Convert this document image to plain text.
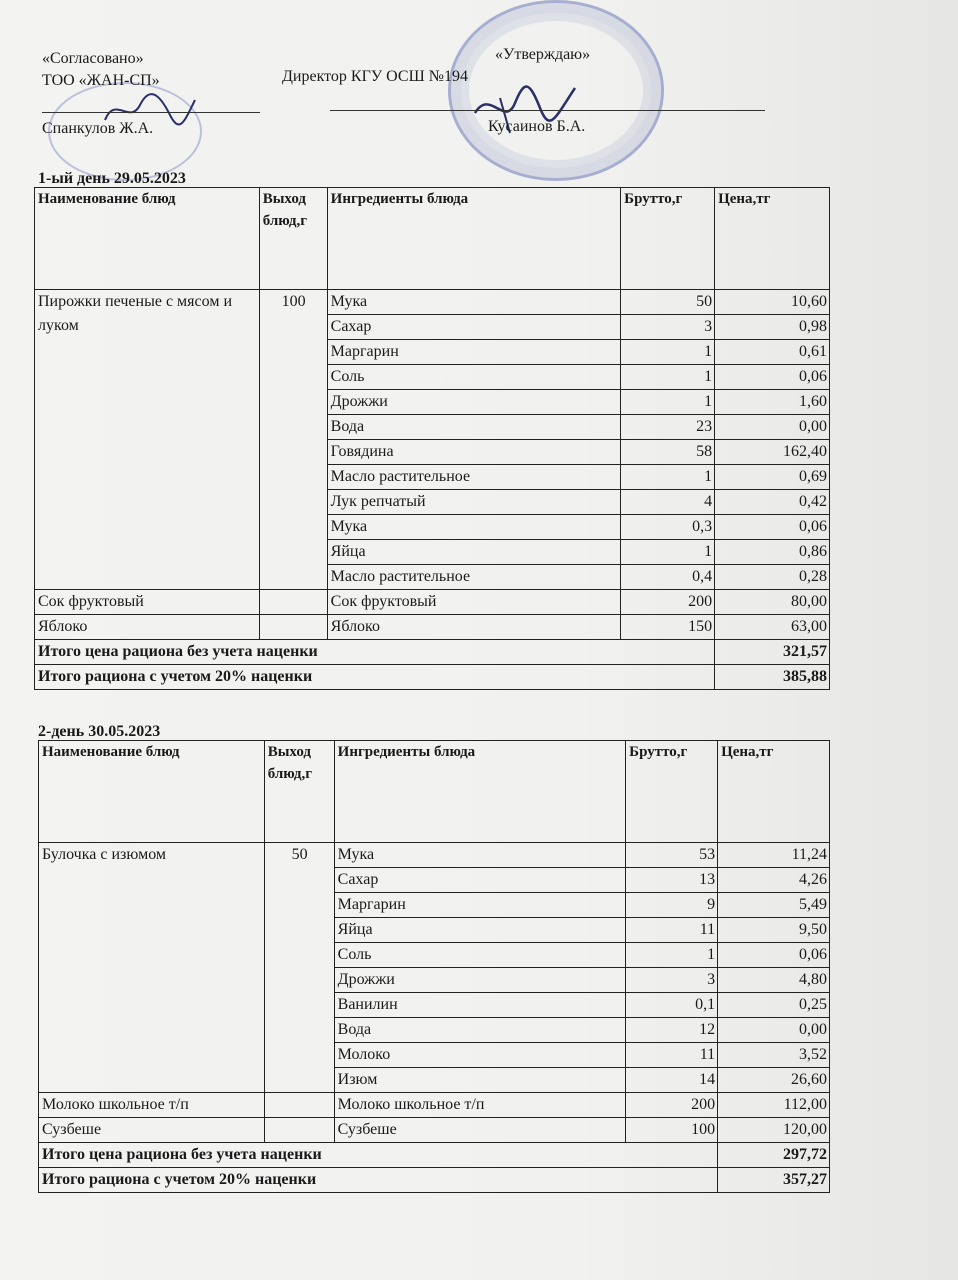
«Согласовано»
ТОО «ЖАН-СП»
Спанкулов Ж.А.
«Утверждаю»
Директор КГУ ОСШ №194
Кусаинов Б.А.
1-ый день 29.05.2023
Наименование блюд	Выход блюд,г	Ингредиенты блюда	Брутто,г	Цена,тг
Пирожки печеные с мясом и луком	100	Мука	50	10,60
		Сахар	3	0,98
		Маргарин	1	0,61
		Соль	1	0,06
		Дрожжи	1	1,60
		Вода	23	0,00
		Говядина	58	162,40
		Масло растительное	1	0,69
		Лук репчатый	4	0,42
		Мука	0,3	0,06
		Яйца	1	0,86
		Масло растительное	0,4	0,28
Сок фруктовый		Сок фруктовый	200	80,00
Яблоко		Яблоко	150	63,00
Итого цена рациона без учета наценки				321,57
Итого рациона с учетом 20% наценки				385,88
2-день 30.05.2023
Наименование блюд	Выход блюд,г	Ингредиенты блюда	Брутто,г	Цена,тг
Булочка с изюмом	50	Мука	53	11,24
		Сахар	13	4,26
		Маргарин	9	5,49
		Яйца	11	9,50
		Соль	1	0,06
		Дрожжи	3	4,80
		Ванилин	0,1	0,25
		Вода	12	0,00
		Молоко	11	3,52
		Изюм	14	26,60
Молоко школьное т/п		Молоко школьное т/п	200	112,00
Сузбеше		Сузбеше	100	120,00
Итого цена рациона без учета наценки				297,72
Итого рациона с учетом 20% наценки				357,27
